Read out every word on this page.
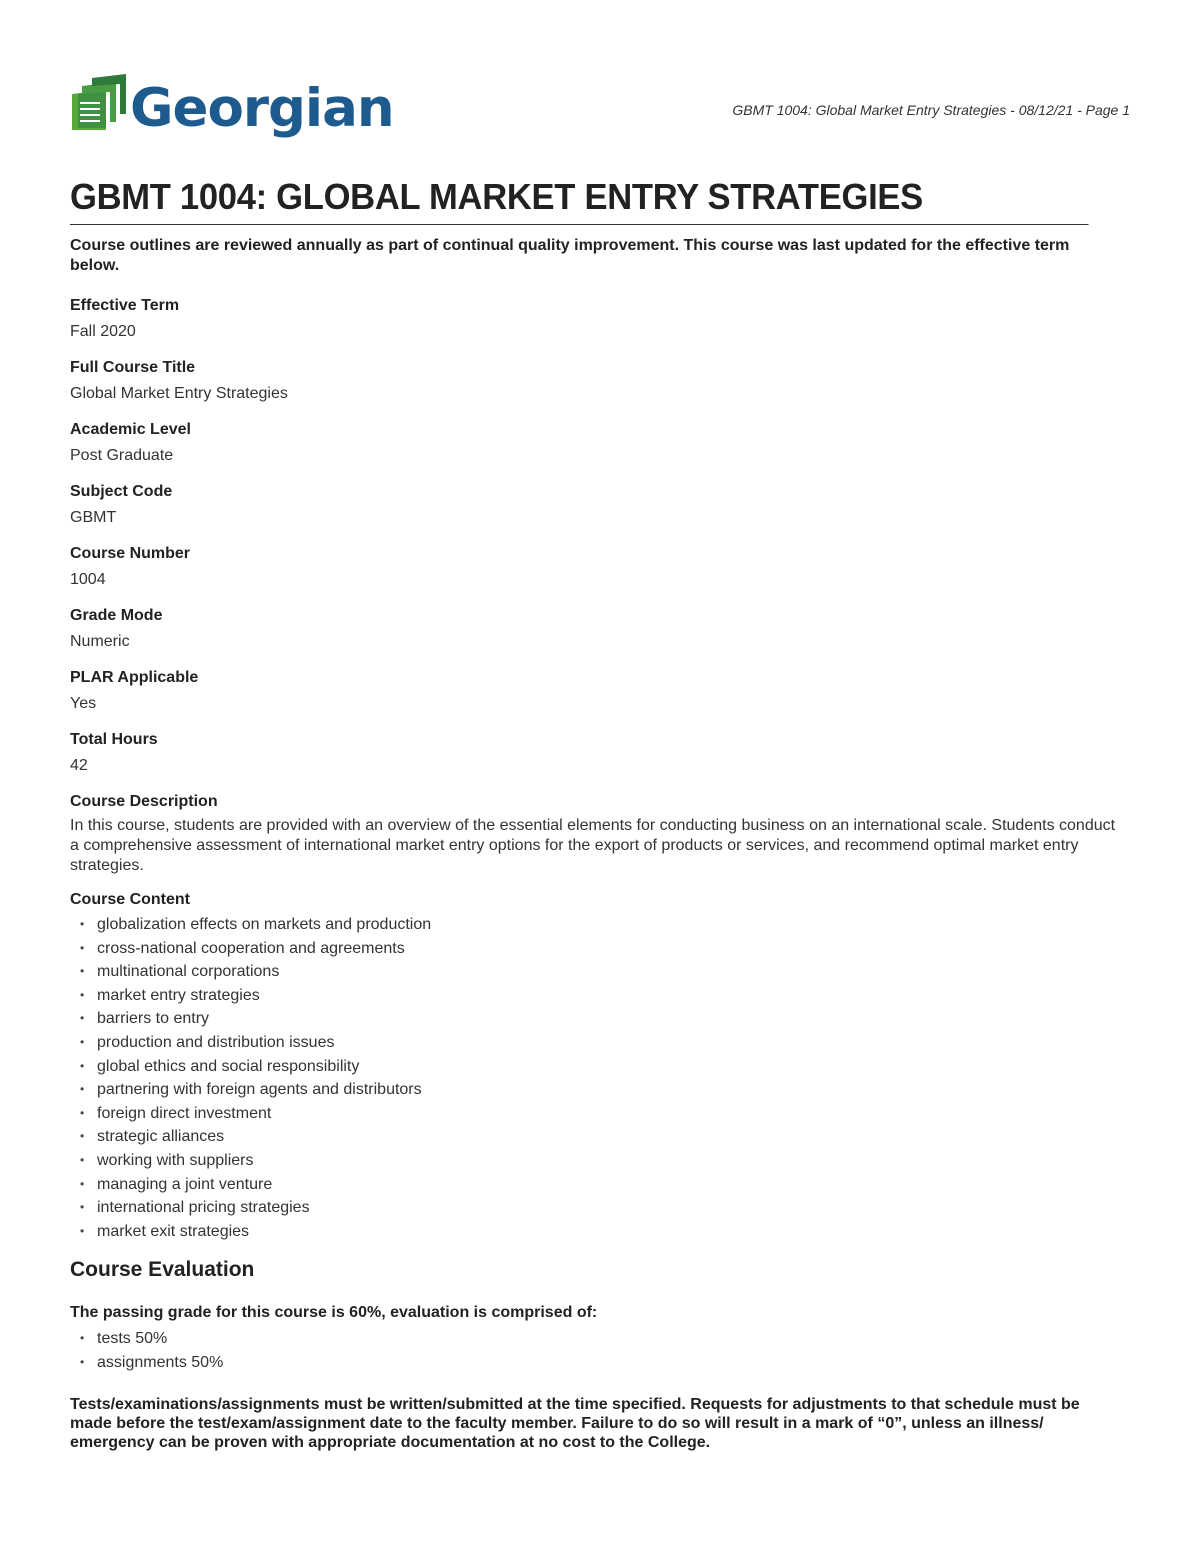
Georgian	GBMT 1004: Global Market Entry Strategies - 08/12/21 - Page 1
GBMT 1004: GLOBAL MARKET ENTRY STRATEGIES
Course outlines are reviewed annually as part of continual quality improvement. This course was last updated for the effective term below.
Effective Term
Fall 2020
Full Course Title
Global Market Entry Strategies
Academic Level
Post Graduate
Subject Code
GBMT
Course Number
1004
Grade Mode
Numeric
PLAR Applicable
Yes
Total Hours
42
Course Description
In this course, students are provided with an overview of the essential elements for conducting business on an international scale. Students conduct a comprehensive assessment of international market entry options for the export of products or services, and recommend optimal market entry strategies.
Course Content
• globalization effects on markets and production
• cross-national cooperation and agreements
• multinational corporations
• market entry strategies
• barriers to entry
• production and distribution issues
• global ethics and social responsibility
• partnering with foreign agents and distributors
• foreign direct investment
• strategic alliances
• working with suppliers
• managing a joint venture
• international pricing strategies
• market exit strategies
Course Evaluation
The passing grade for this course is 60%, evaluation is comprised of:
• tests 50%
• assignments 50%
Tests/examinations/assignments must be written/submitted at the time specified. Requests for adjustments to that schedule must be made before the test/exam/assignment date to the faculty member. Failure to do so will result in a mark of “0”, unless an illness/ emergency can be proven with appropriate documentation at no cost to the College.
